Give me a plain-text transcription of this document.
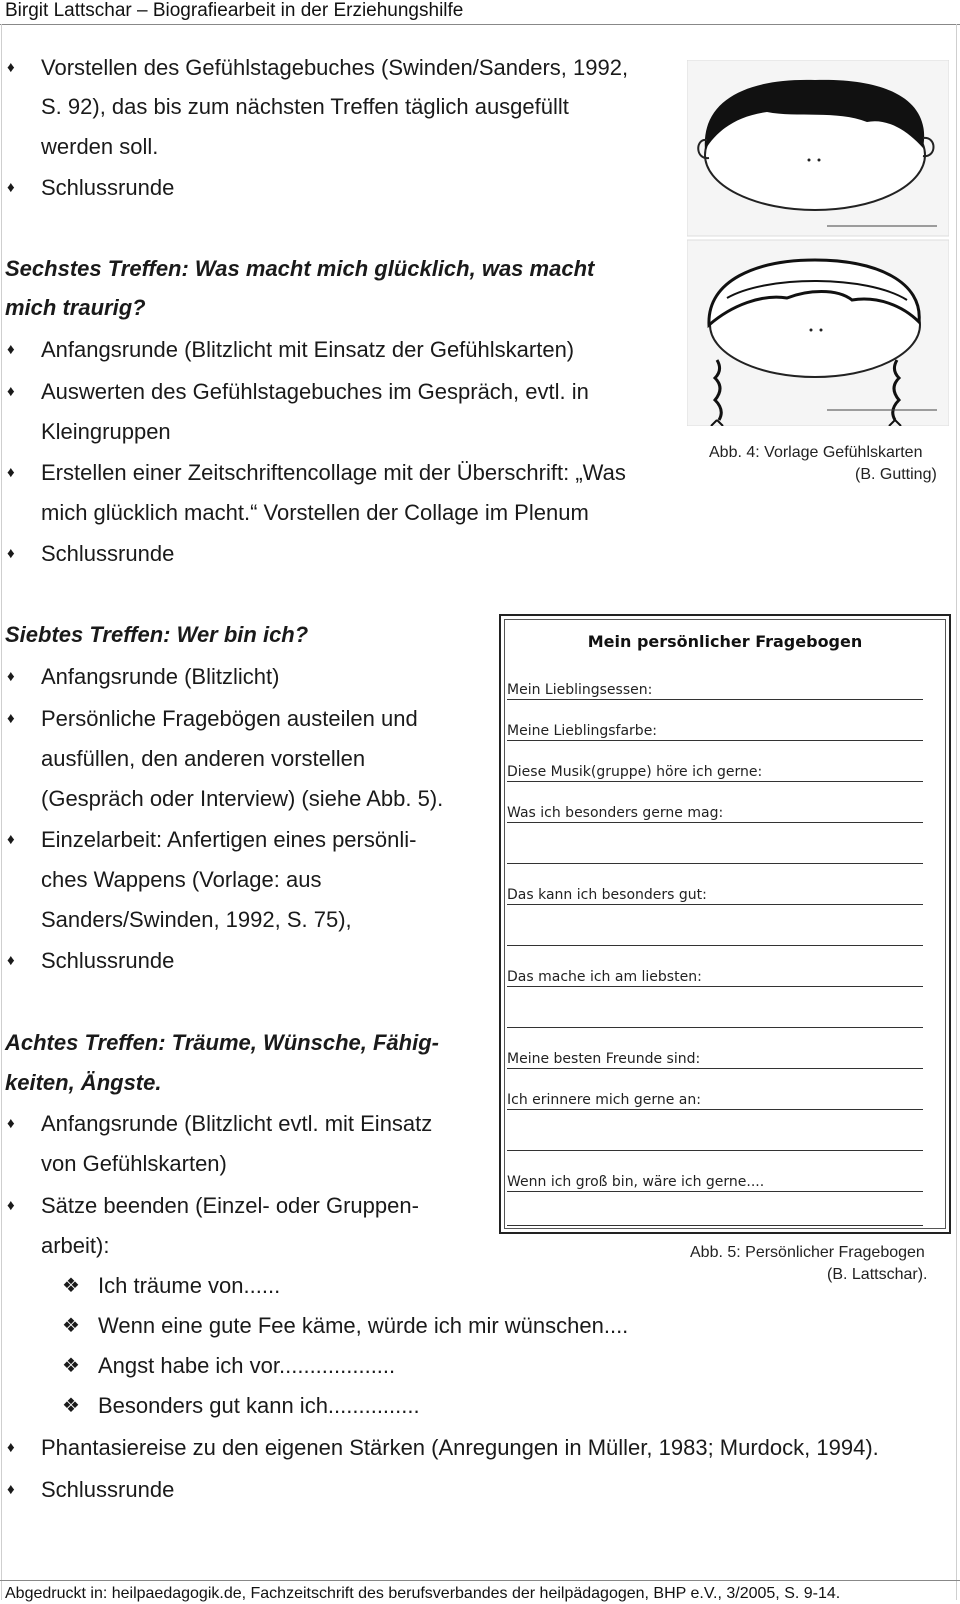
Birgit Lattschar – Biografiearbeit in der Erziehungshilfe
♦ Vorstellen des Gefühlstagebuches (Swinden/Sanders, 1992,
S. 92), das bis zum nächsten Treffen täglich ausgefüllt
werden soll.
♦ Schlussrunde
Sechstes Treffen: Was macht mich glücklich, was macht
mich traurig?
♦ Anfangsrunde (Blitzlicht mit Einsatz der Gefühlskarten)
♦ Auswerten des Gefühlstagebuches im Gespräch, evtl. in
Kleingruppen
♦ Erstellen einer Zeitschriftencollage mit der Überschrift: „Was
mich glücklich macht.“ Vorstellen der Collage im Plenum
♦ Schlussrunde
Siebtes Treffen: Wer bin ich?
♦ Anfangsrunde (Blitzlicht)
♦ Persönliche Fragebögen austeilen und
ausfüllen, den anderen vorstellen
(Gespräch oder Interview) (siehe Abb. 5).
♦ Einzelarbeit: Anfertigen eines persönli-
ches Wappens (Vorlage: aus
Sanders/Swinden, 1992, S. 75),
♦ Schlussrunde
Achtes Treffen: Träume, Wünsche, Fähig-
keiten, Ängste.
♦ Anfangsrunde (Blitzlicht evtl. mit Einsatz
von Gefühlskarten)
♦ Sätze beenden (Einzel- oder Gruppen-
arbeit):
❖ Ich träume von......
❖ Wenn eine gute Fee käme, würde ich mir wünschen....
❖ Angst habe ich vor...................
❖ Besonders gut kann ich...............
♦ Phantasiereise zu den eigenen Stärken (Anregungen in Müller, 1983; Murdock, 1994).
♦ Schlussrunde
Abb. 4: Vorlage Gefühlskarten
(B. Gutting)
Mein persönlicher Fragebogen
Mein Lieblingsessen:
Meine Lieblingsfarbe:
Diese Musik(gruppe) höre ich gerne:
Was ich besonders gerne mag:
Das kann ich besonders gut:
Das mache ich am liebsten:
Meine besten Freunde sind:
Ich erinnere mich gerne an:
Wenn ich groß bin, wäre ich gerne....
Abb. 5: Persönlicher Fragebogen
(B. Lattschar).
Abgedruckt in: heilpaedagogik.de, Fachzeitschrift des berufsverbandes der heilpädagogen, BHP e.V., 3/2005, S. 9-14.
